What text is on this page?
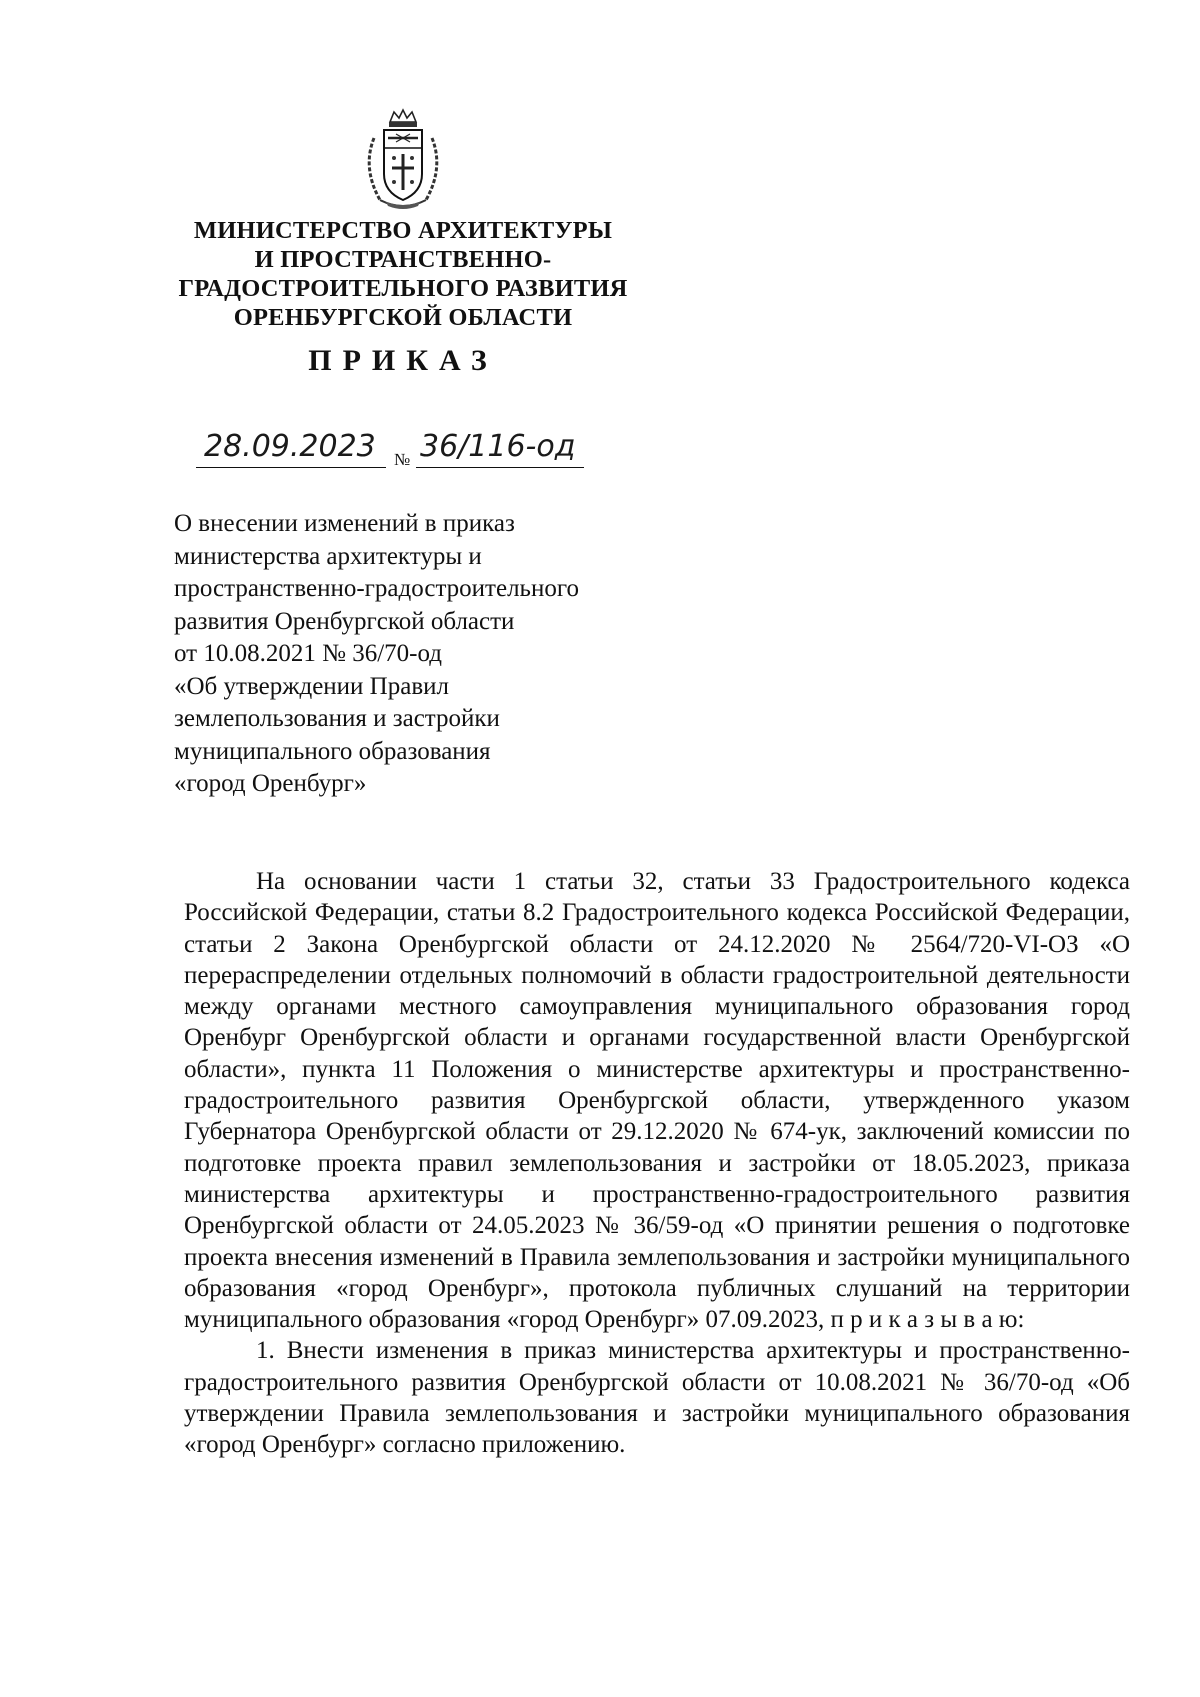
МИНИСТЕРСТВО АРХИТЕКТУРЫ
И ПРОСТРАНСТВЕННО-
ГРАДОСТРОИТЕЛЬНОГО РАЗВИТИЯ
ОРЕНБУРГСКОЙ ОБЛАСТИ
ПРИКАЗ
28.09.2023 № 36/116-од
О внесении изменений в приказ
министерства архитектуры и
пространственно-градостроительного
развития Оренбургской области
от 10.08.2021 № 36/70-од
«Об утверждении Правил
землепользования и застройки
муниципального образования
«город Оренбург»

На основании части 1 статьи 32, статьи 33 Градостроительного кодекса Российской Федерации, статьи 8.2 Градостроительного кодекса Российской Федерации, статьи 2 Закона Оренбургской области от 24.12.2020 № 2564/720-VI-ОЗ «О перераспределении отдельных полномочий в области градостроительной деятельности между органами местного самоуправления муниципального образования город Оренбург Оренбургской области и органами государственной власти Оренбургской области», пункта 11 Положения о министерстве архитектуры и пространственно-градостроительного развития Оренбургской области, утвержденного указом Губернатора Оренбургской области от 29.12.2020 № 674-ук, заключений комиссии по подготовке проекта правил землепользования и застройки от 18.05.2023, приказа министерства архитектуры и пространственно-градостроительного развития Оренбургской области от 24.05.2023 № 36/59-од «О принятии решения о подготовке проекта внесения изменений в Правила землепользования и застройки муниципального образования «город Оренбург», протокола публичных слушаний на территории муниципального образования «город Оренбург» 07.09.2023, п р и к а з ы в а ю:

1. Внести изменения в приказ министерства архитектуры и пространственно-градостроительного развития Оренбургской области от 10.08.2021 № 36/70-од «Об утверждении Правила землепользования и застройки муниципального образования «город Оренбург» согласно приложению.
